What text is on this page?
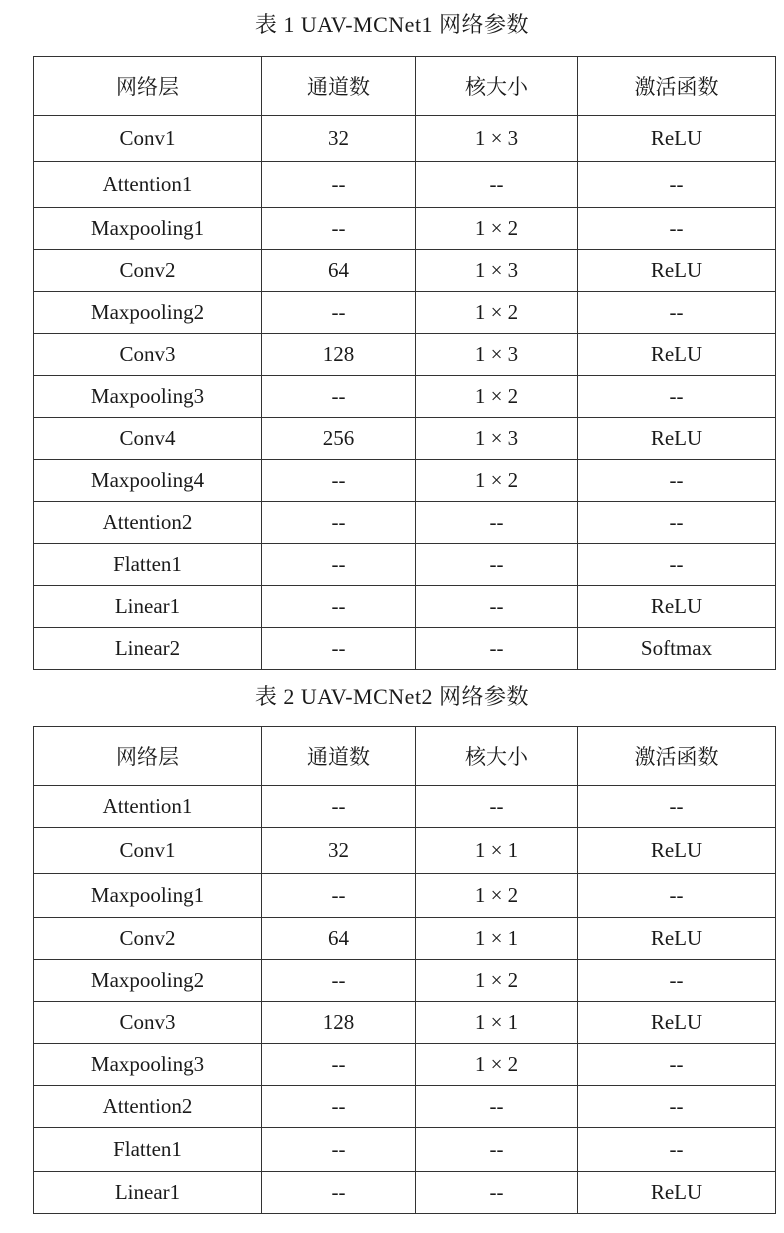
表 1 UAV-MCNet1 网络参数
网络层	通道数	核大小	激活函数
Conv1	32	1 × 3	ReLU
Attention1	--	--	--
Maxpooling1	--	1 × 2	--
Conv2	64	1 × 3	ReLU
Maxpooling2	--	1 × 2	--
Conv3	128	1 × 3	ReLU
Maxpooling3	--	1 × 2	--
Conv4	256	1 × 3	ReLU
Maxpooling4	--	1 × 2	--
Attention2	--	--	--
Flatten1	--	--	--
Linear1	--	--	ReLU
Linear2	--	--	Softmax
表 2 UAV-MCNet2 网络参数
网络层	通道数	核大小	激活函数
Attention1	--	--	--
Conv1	32	1 × 1	ReLU
Maxpooling1	--	1 × 2	--
Conv2	64	1 × 1	ReLU
Maxpooling2	--	1 × 2	--
Conv3	128	1 × 1	ReLU
Maxpooling3	--	1 × 2	--
Attention2	--	--	--
Flatten1	--	--	--
Linear1	--	--	ReLU
